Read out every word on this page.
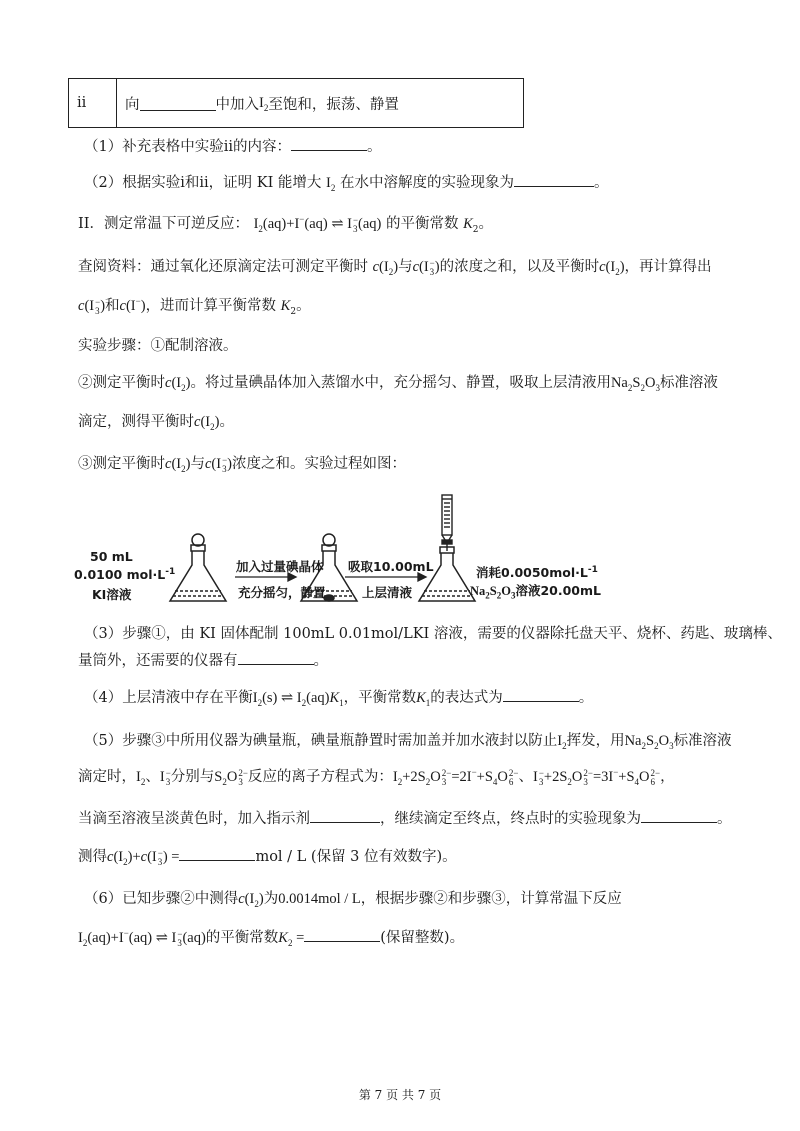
ii	向	中加入 $I_2$ 至饱和，振荡、静置
（1）补充表格中实验ii的内容：	。
（2）根据实验i和ii，证明 KI 能增大 $I_2$ 在水中溶解度的实验现象为	。
II．测定常温下可逆反应： $I_2(aq)+I^-(aq)$ ⇌ I −
3 (aq) 的平衡常数 $K_2$。
查阅资料：通过氧化还原滴定法可测定平衡时 $c(I_2)$与c(I −
3 )的浓度之和，以及平衡时$c(I_2)$，再计算得出
c(I −
3 )和c(I−)，进而计算平衡常数 $K_2$。
实验步骤：①配制溶液。
②测定平衡时$c(I_2)$。将过量碘晶体加入蒸馏水中，充分摇匀、静置，吸取上层清液用$Na_2S_2O_3$标准溶液
滴定，测得平衡时$c(I_2)$。
③测定平衡时$c(I_2)$与c(I −
3 )浓度之和。实验过程如图：
50 mL
0.0100 $mol\cdot L^{-1}$
KI溶液
加入过量碘晶体
充分摇匀，静置
吸取10.00mL
上层清液
消耗$0.0050mol\cdot L^{-1}$
$Na_2S_2O_3$溶液20.00mL
（3）步骤①，由 KI 固体配制 100mL 0.01mol/LKI 溶液，需要的仪器除托盘天平、烧杯、药匙、玻璃棒、
量筒外，还需要的仪器有	。
（4）上层清液中存在平衡$I_2(s)$ ⇌ $I_2(aq)K_1$，平衡常数$K_1$的表达式为	。
（5）步骤③中所用仪器为碘量瓶，碘量瓶静置时需加盖并加水液封以防止$I_2$挥发，用$Na_2S_2O_3$标准溶液
滴定时，$I_2$、I −
3 分别与$S_2O$ 2−
3 反应的离子方程式为：$I_2+2S_2O$ 2−
$3 =2I^-+S_4O$ 2−
6 、I −
$3 +2S_2O$ 2−
$3 =3I^-+S_4O$ 2−
6 ，
当滴至溶液呈淡黄色时，加入指示剂	，继续滴定至终点，终点时的实验现象为	。
测得$c(I_2)+c(I$ −
3 ) =	mol / L (保留 3 位有效数字)。
（6）已知步骤②中测得$c(I_2)$为0.0014mol / L，根据步骤②和步骤③，计算常温下反应
$I_2(aq)+I^-(aq)$ ⇌ I −
3 (aq)的平衡常数$K_2$ =	(保留整数)。
第 7 页 共 7 页
